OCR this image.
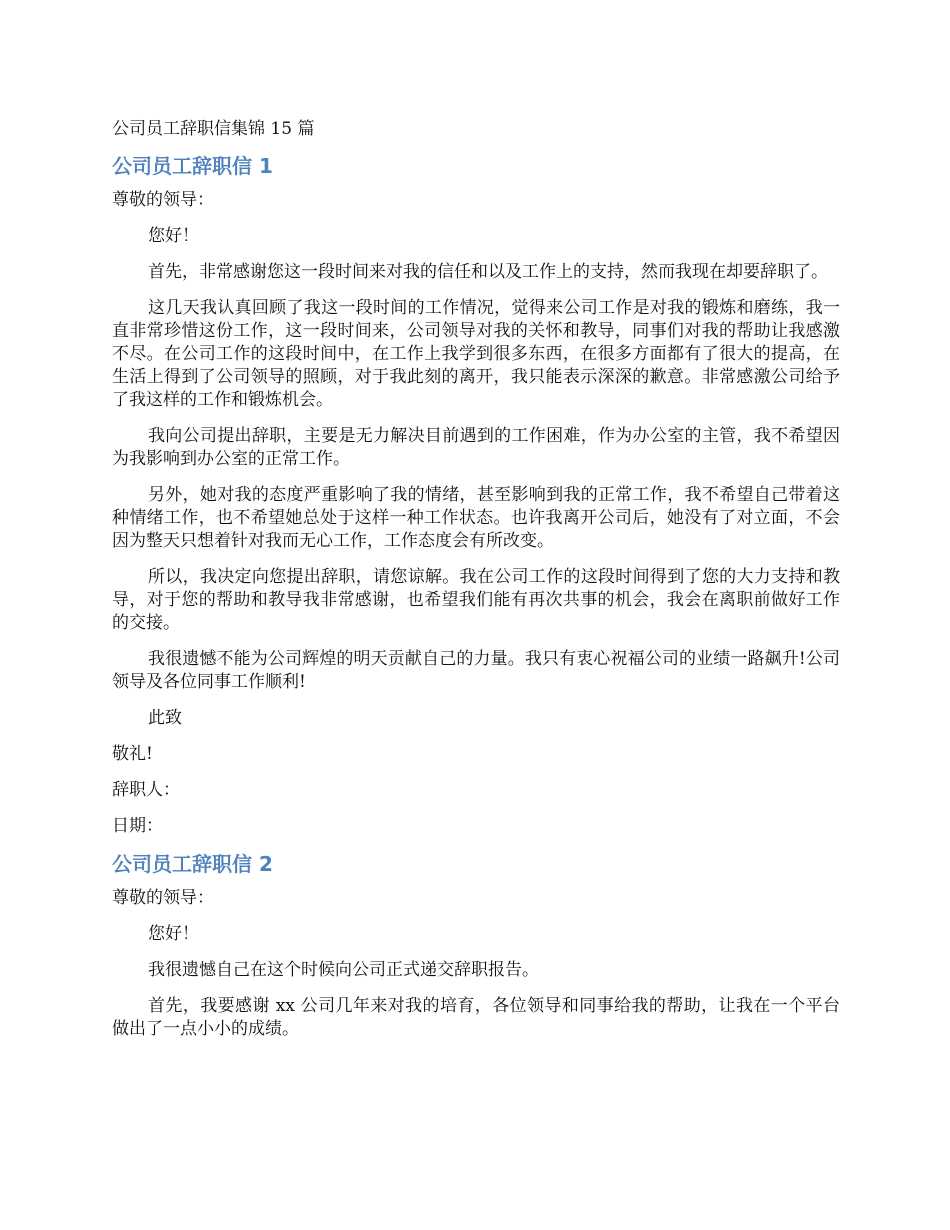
公司员工辞职信集锦 15 篇
公司员工辞职信 1

尊敬的领导：

您好！

首先，非常感谢您这一段时间来对我的信任和以及工作上的支持，然而我现在却要辞职了。

这几天我认真回顾了我这一段时间的工作情况，觉得来公司工作是对我的锻炼和磨练，我一直非常珍惜这份工作，这一段时间来，公司领导对我的关怀和教导，同事们对我的帮助让我感激不尽。在公司工作的这段时间中，在工作上我学到很多东西，在很多方面都有了很大的提高，在生活上得到了公司领导的照顾，对于我此刻的离开，我只能表示深深的歉意。非常感激公司给予了我这样的工作和锻炼机会。

我向公司提出辞职，主要是无力解决目前遇到的工作困难，作为办公室的主管，我不希望因为我影响到办公室的正常工作。

另外，她对我的态度严重影响了我的情绪，甚至影响到我的正常工作，我不希望自己带着这种情绪工作，也不希望她总处于这样一种工作状态。也许我离开公司后，她没有了对立面，不会因为整天只想着针对我而无心工作，工作态度会有所改变。

所以，我决定向您提出辞职，请您谅解。我在公司工作的这段时间得到了您的大力支持和教导，对于您的帮助和教导我非常感谢，也希望我们能有再次共事的机会，我会在离职前做好工作的交接。

我很遗憾不能为公司辉煌的明天贡献自己的力量。我只有衷心祝福公司的业绩一路飙升!公司领导及各位同事工作顺利!

此致

敬礼!

辞职人：

日期：

公司员工辞职信 2

尊敬的领导：

您好！

我很遗憾自己在这个时候向公司正式递交辞职报告。

首先，我要感谢 xx 公司几年来对我的培育，各位领导和同事给我的帮助，让我在一个平台做出了一点小小的成绩。
